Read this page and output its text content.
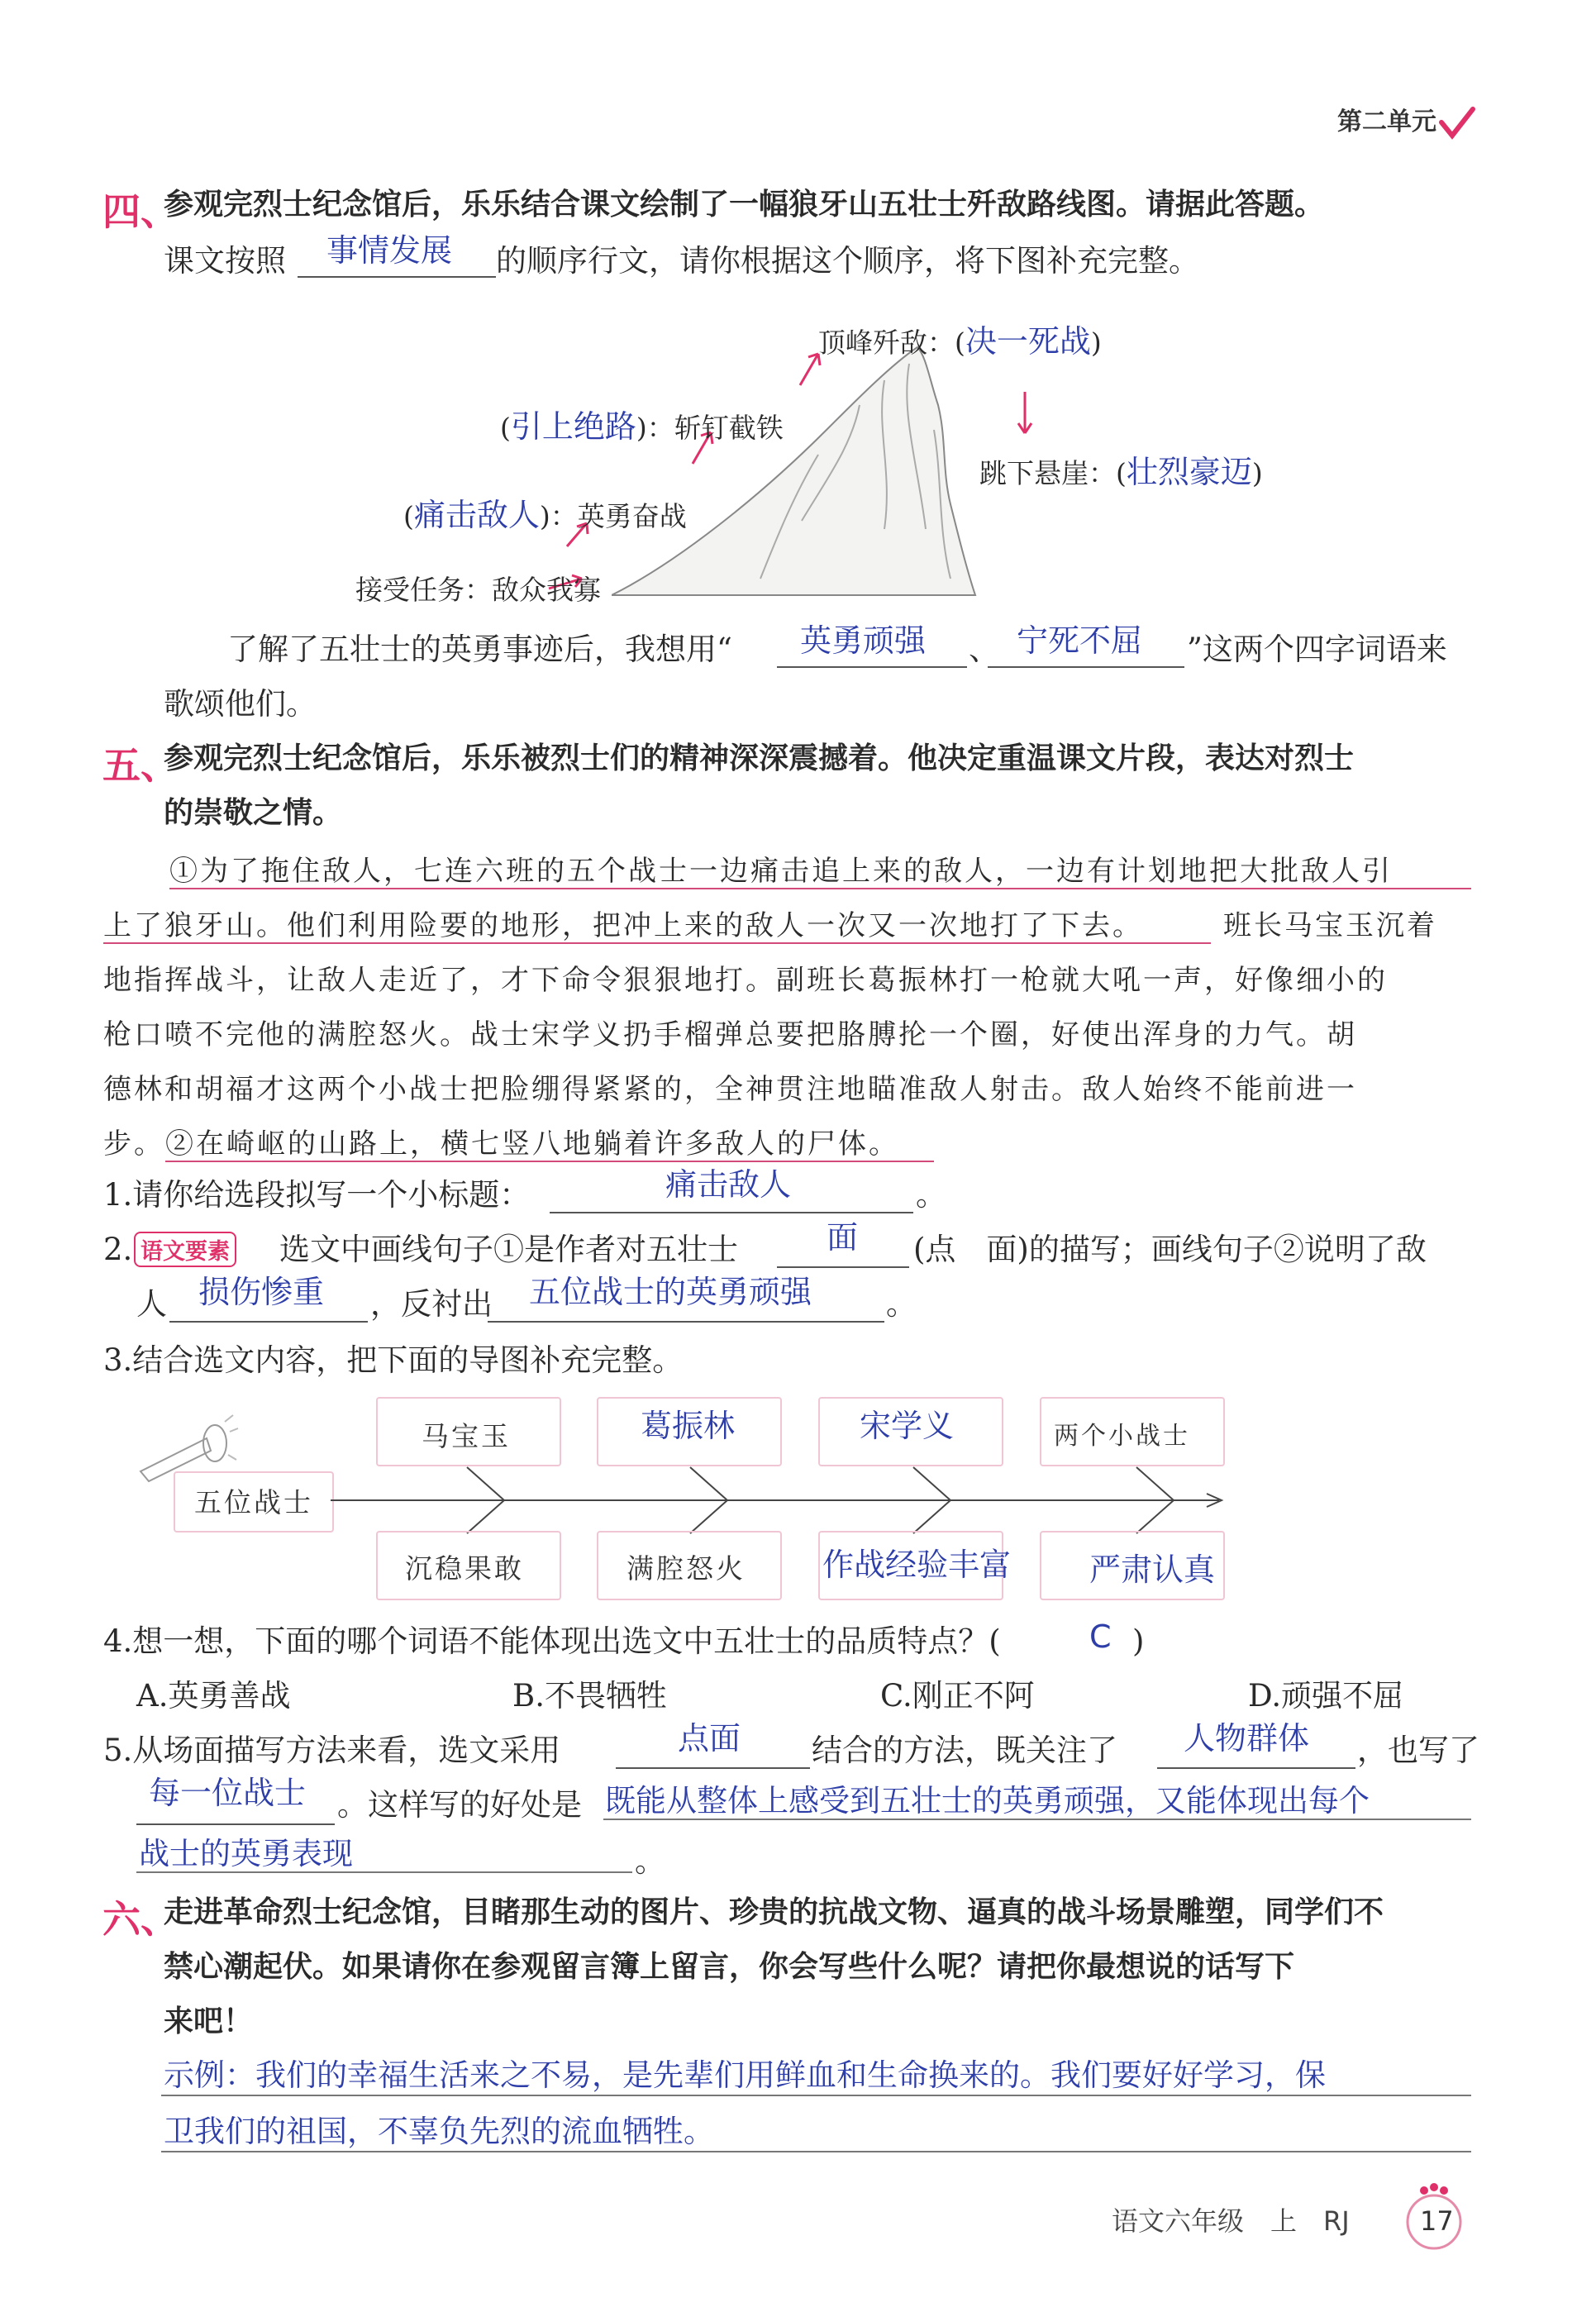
第二单元
四、
参观完烈士纪念馆后，乐乐结合课文绘制了一幅狼牙山五壮士歼敌路线图。请据此答题。
课文按照 事情发展 的顺序行文，请你根据这个顺序，将下图补充完整。
顶峰歼敌：(决一死战)
(引上绝路)：斩钉截铁
(痛击敌人)：英勇奋战
接受任务：敌众我寡
跳下悬崖：(壮烈豪迈)
了解了五壮士的英勇事迹后，我想用“ 英勇顽强 、 宁死不屈 ”这两个四字词语来
歌颂他们。
五、
参观完烈士纪念馆后，乐乐被烈士们的精神深深震撼着。他决定重温课文片段，表达对烈士
的崇敬之情。
①为了拖住敌人，七连六班的五个战士一边痛击追上来的敌人，一边有计划地把大批敌人引
上了狼牙山。他们利用险要的地形，把冲上来的敌人一次又一次地打了下去。	班长马宝玉沉着
地指挥战斗，让敌人走近了，才下命令狠狠地打。副班长葛振林打一枪就大吼一声，好像细小的
枪口喷不完他的满腔怒火。战士宋学义扔手榴弹总要把胳膊抡一个圈，好使出浑身的力气。胡
德林和胡福才这两个小战士把脸绷得紧紧的，全神贯注地瞄准敌人射击。敌人始终不能前进一
步。 ②在崎岖的山路上，横七竖八地躺着许多敌人的尸体。
1.请你给选段拟写一个小标题：	痛击敌人	。
2. 语文要素 选文中画线句子①是作者对五壮士	面 (点　面)的描写；画线句子②说明了敌
人 损伤惨重 ，反衬出 五位战士的英勇顽强 。
3.结合选文内容，把下面的导图补充完整。
五位战士
马宝玉	葛振林	宋学义	两个小战士
沉稳果敢	满腔怒火 作战经验丰富 严肃认真
4.想一想，下面的哪个词语不能体现出选文中五壮士的品质特点？(	C )
A.英勇善战	B.不畏牺牲	C.刚正不阿	D.顽强不屈
5.从场面描写方法来看，选文采用	点面 结合的方法，既关注了 人物群体 ，也写了
每一位战士 。这样写的好处是 既能从整体上感受到五壮士的英勇顽强，又能体现出每个
战士的英勇表现	。
六、
走进革命烈士纪念馆，目睹那生动的图片、珍贵的抗战文物、逼真的战斗场景雕塑，同学们不
禁心潮起伏。如果请你在参观留言簿上留言，你会写些什么呢？请把你最想说的话写下
来吧！
示例：我们的幸福生活来之不易，是先辈们用鲜血和生命换来的。我们要好好学习，保
卫我们的祖国，不辜负先烈的流血牺牲。
语文六年级　上　RJ	17
